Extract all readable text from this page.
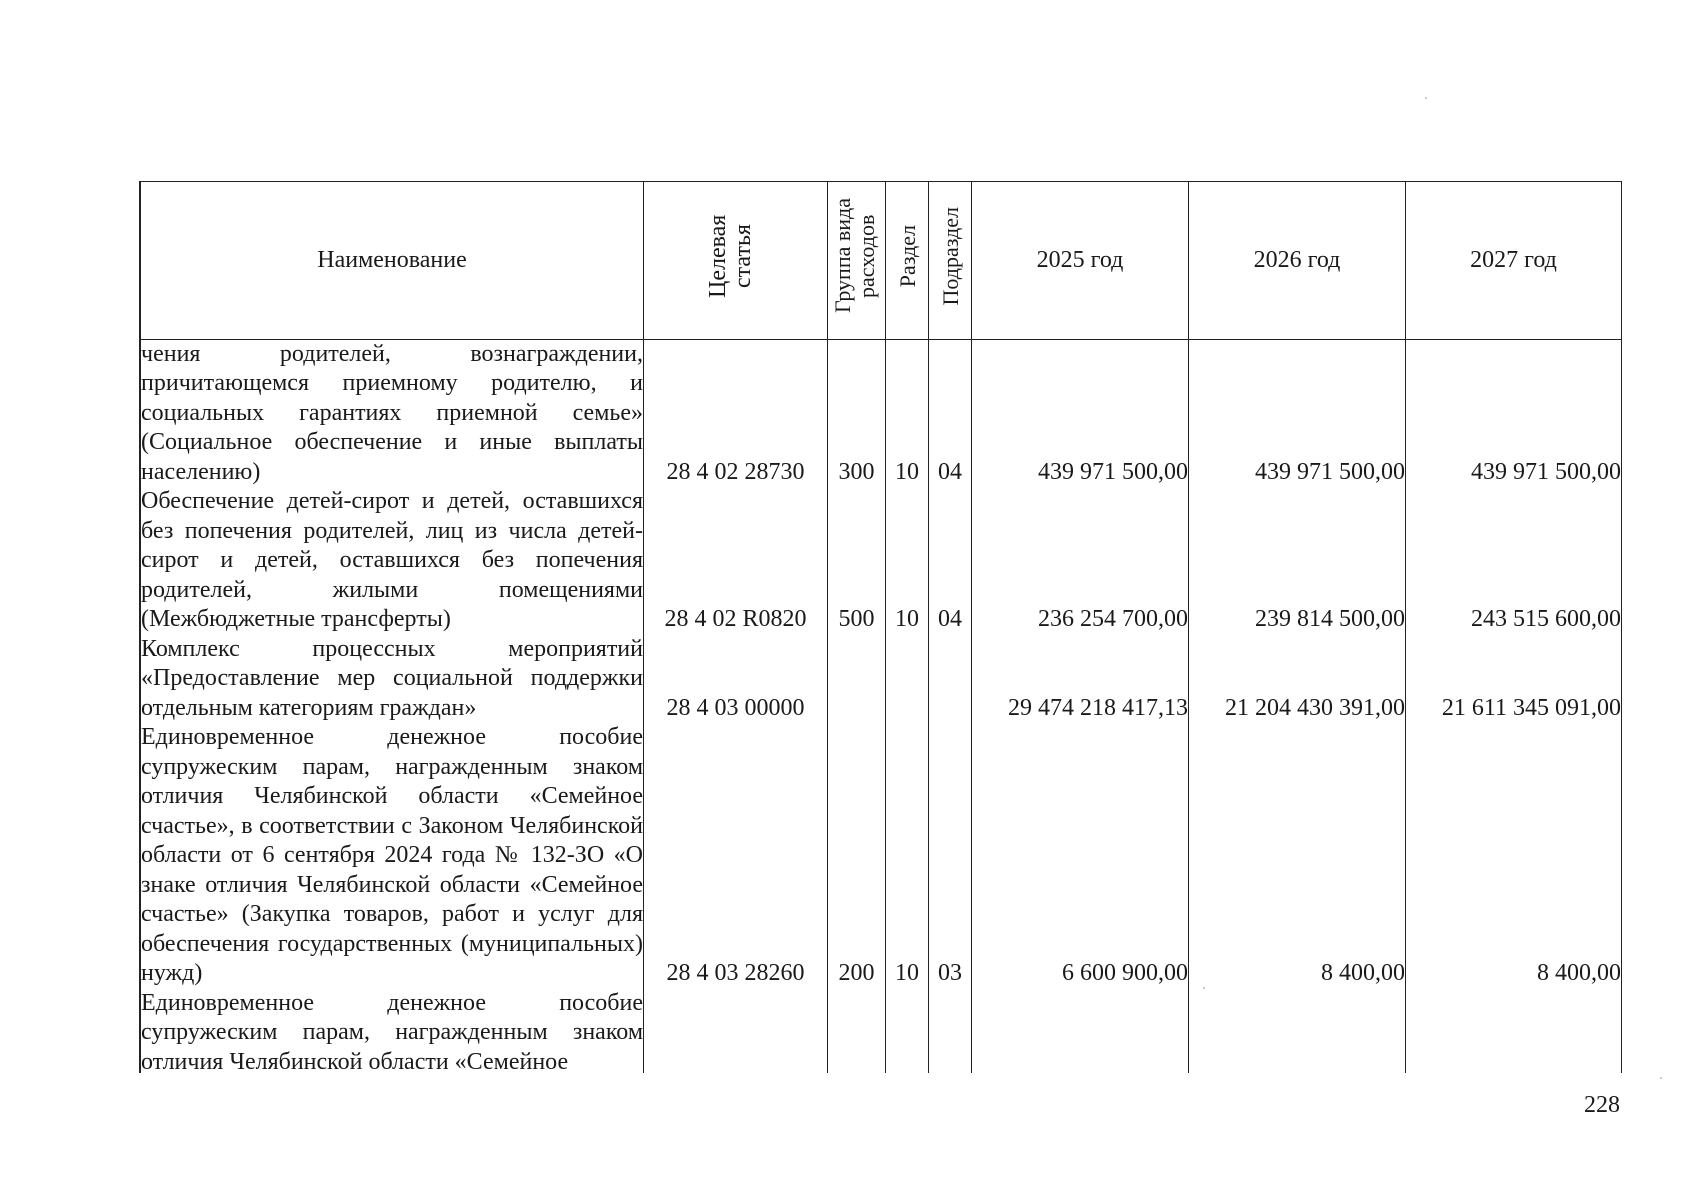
Наименование	Целевая статья	Группа вида расходов	Раздел	Подраздел	2025 год	2026 год	2027 год
чения родителей, вознаграждении, причитающемся приемному родителю, и социальных гарантиях приемной семье» (Социальное обеспечение и иные выплаты населению)	28 4 02 28730	300	10	04	439 971 500,00	439 971 500,00	439 971 500,00
Обеспечение детей-сирот и детей, оставшихся без попечения родителей, лиц из числа детей-сирот и детей, оставшихся без попечения родителей, жилыми помещениями (Межбюджетные трансферты)	28 4 02 R0820	500	10	04	236 254 700,00	239 814 500,00	243 515 600,00
Комплекс процессных мероприятий «Предоставление мер социальной поддержки отдельным категориям граждан»	28 4 03 00000				29 474 218 417,13	21 204 430 391,00	21 611 345 091,00
Единовременное денежное пособие супружеским парам, награжденным знаком отличия Челябинской области «Семейное счастье», в соответствии с Законом Челябинской области от 6 сентября 2024 года № 132-ЗО «О знаке отличия Челябинской области «Семейное счастье» (Закупка товаров, работ и услуг для обеспечения государственных (муниципальных) нужд)	28 4 03 28260	200	10	03	6 600 900,00	8 400,00	8 400,00
Единовременное денежное пособие супружеским парам, награжденным знаком отличия Челябинской области «Семейное							
228
